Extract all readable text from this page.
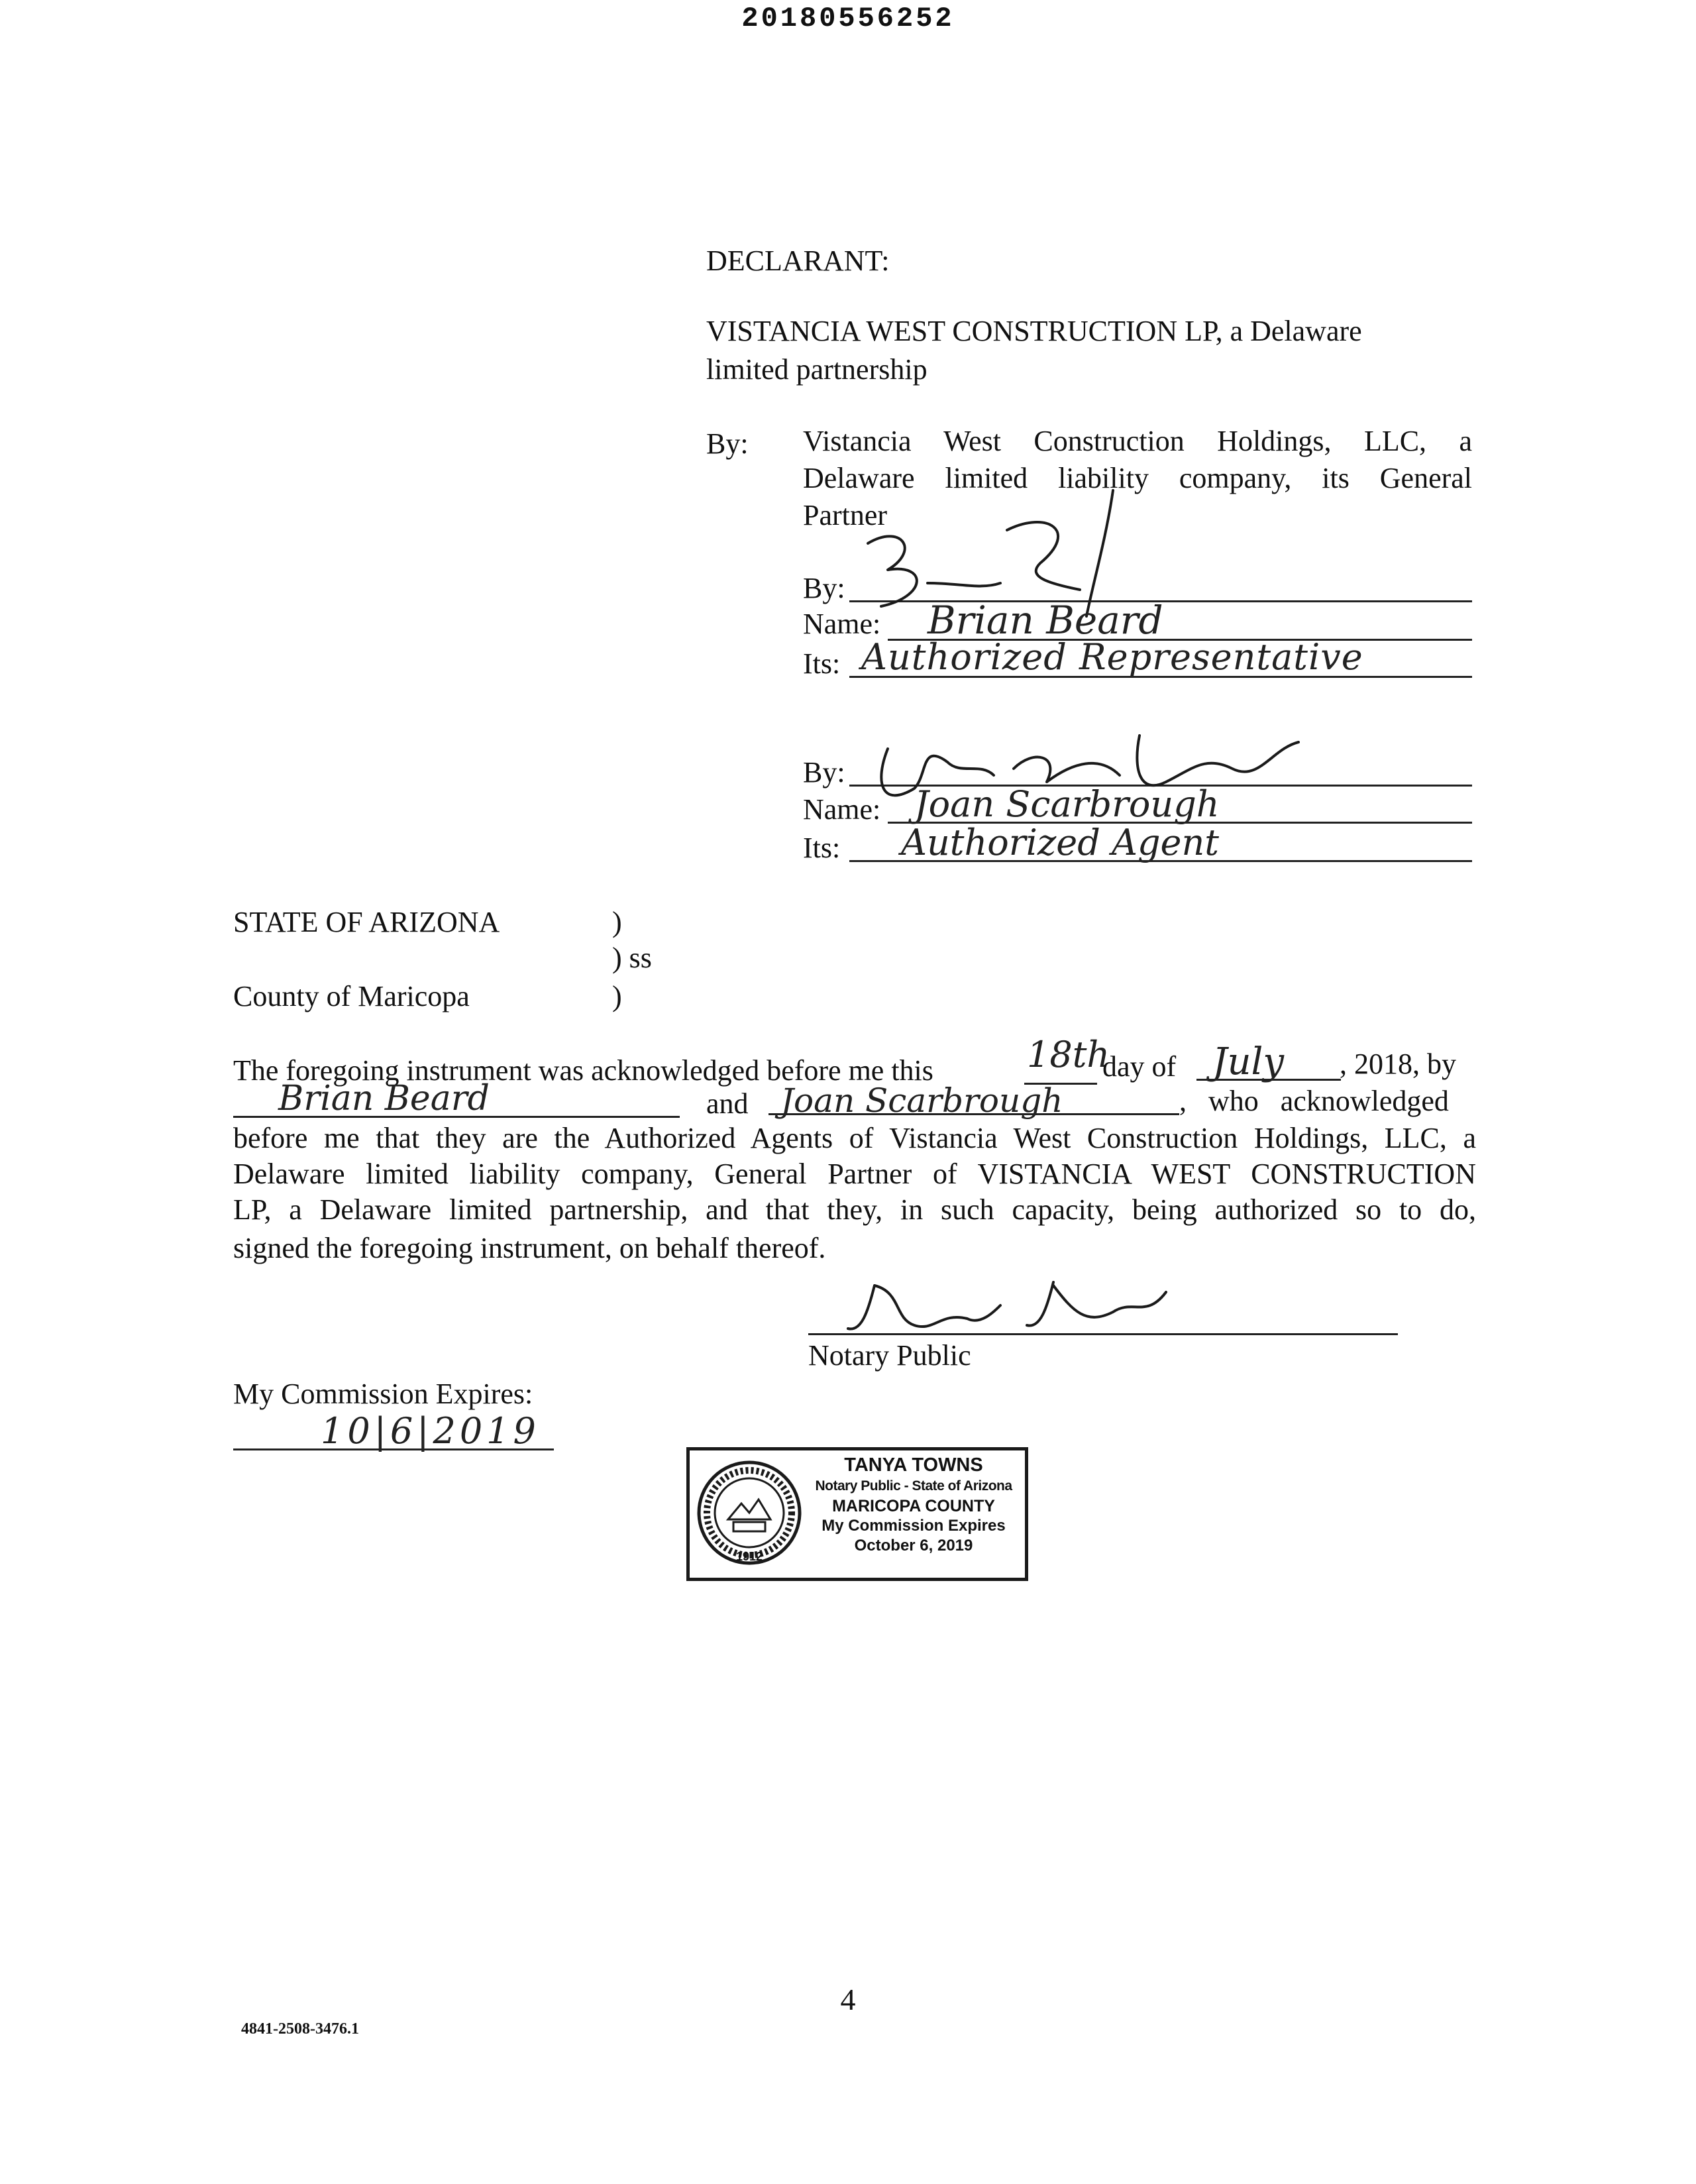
20180556252
DECLARANT:
VISTANCIA WEST CONSTRUCTION LP, a Delaware
limited partnership
By: Vistancia West Construction Holdings, LLC, a
Delaware limited liability company, its General
Partner
By:
Name: Brian Beard
Its: Authorized Representative
By:
Name: Joan Scarbrough
Its: Authorized Agent
STATE OF ARIZONA	)
) ss
County of Maricopa	)
The foregoing instrument was acknowledged before me this	18th
day of July , 2018, by
Brian Beard	and Joan Scarbrough	,   who   acknowledged
before me that they are the Authorized Agents of Vistancia West Construction Holdings, LLC, a
Delaware limited liability company, General Partner of VISTANCIA WEST CONSTRUCTION
LP, a Delaware limited partnership, and that they, in such capacity, being authorized so to do,
signed the foregoing instrument, on behalf thereof.
Notary Public
My Commission Expires:
10|6|2019
1912
TANYA TOWNS
Notary Public - State of Arizona
MARICOPA COUNTY
My Commission Expires
October 6, 2019
4
4841-2508-3476.1
